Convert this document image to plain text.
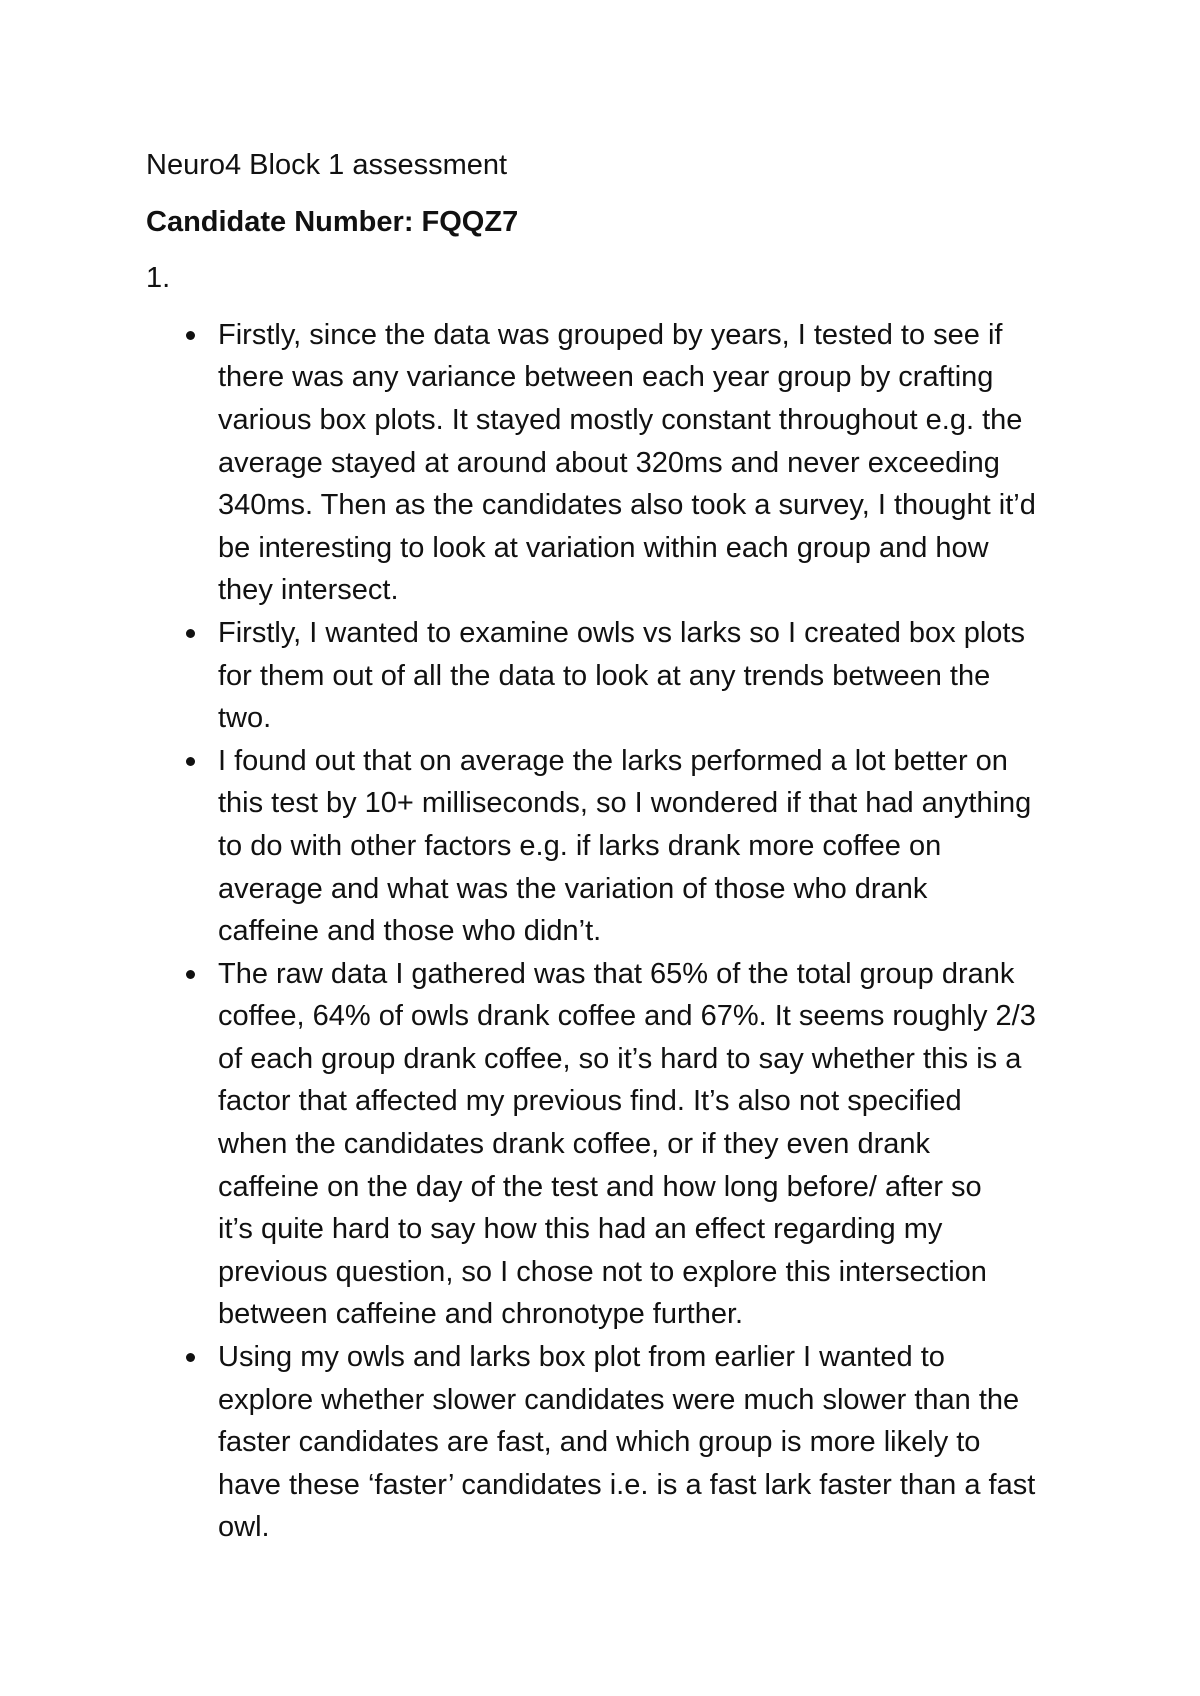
Neuro4 Block 1 assessment
Candidate Number: FQQZ7
1.
Firstly, since the data was grouped by years, I tested to see if
there was any variance between each year group by crafting
various box plots. It stayed mostly constant throughout e.g. the
average stayed at around about 320ms and never exceeding
340ms. Then as the candidates also took a survey, I thought it’d
be interesting to look at variation within each group and how
they intersect.
Firstly, I wanted to examine owls vs larks so I created box plots
for them out of all the data to look at any trends between the
two.
I found out that on average the larks performed a lot better on
this test by 10+ milliseconds, so I wondered if that had anything
to do with other factors e.g. if larks drank more coffee on
average and what was the variation of those who drank
caffeine and those who didn’t.
The raw data I gathered was that 65% of the total group drank
coffee, 64% of owls drank coffee and 67%. It seems roughly 2/3
of each group drank coffee, so it’s hard to say whether this is a
factor that affected my previous find. It’s also not specified
when the candidates drank coffee, or if they even drank
caffeine on the day of the test and how long before/ after so
it’s quite hard to say how this had an effect regarding my
previous question, so I chose not to explore this intersection
between caffeine and chronotype further.
Using my owls and larks box plot from earlier I wanted to
explore whether slower candidates were much slower than the
faster candidates are fast, and which group is more likely to
have these ‘faster’ candidates i.e. is a fast lark faster than a fast
owl.
